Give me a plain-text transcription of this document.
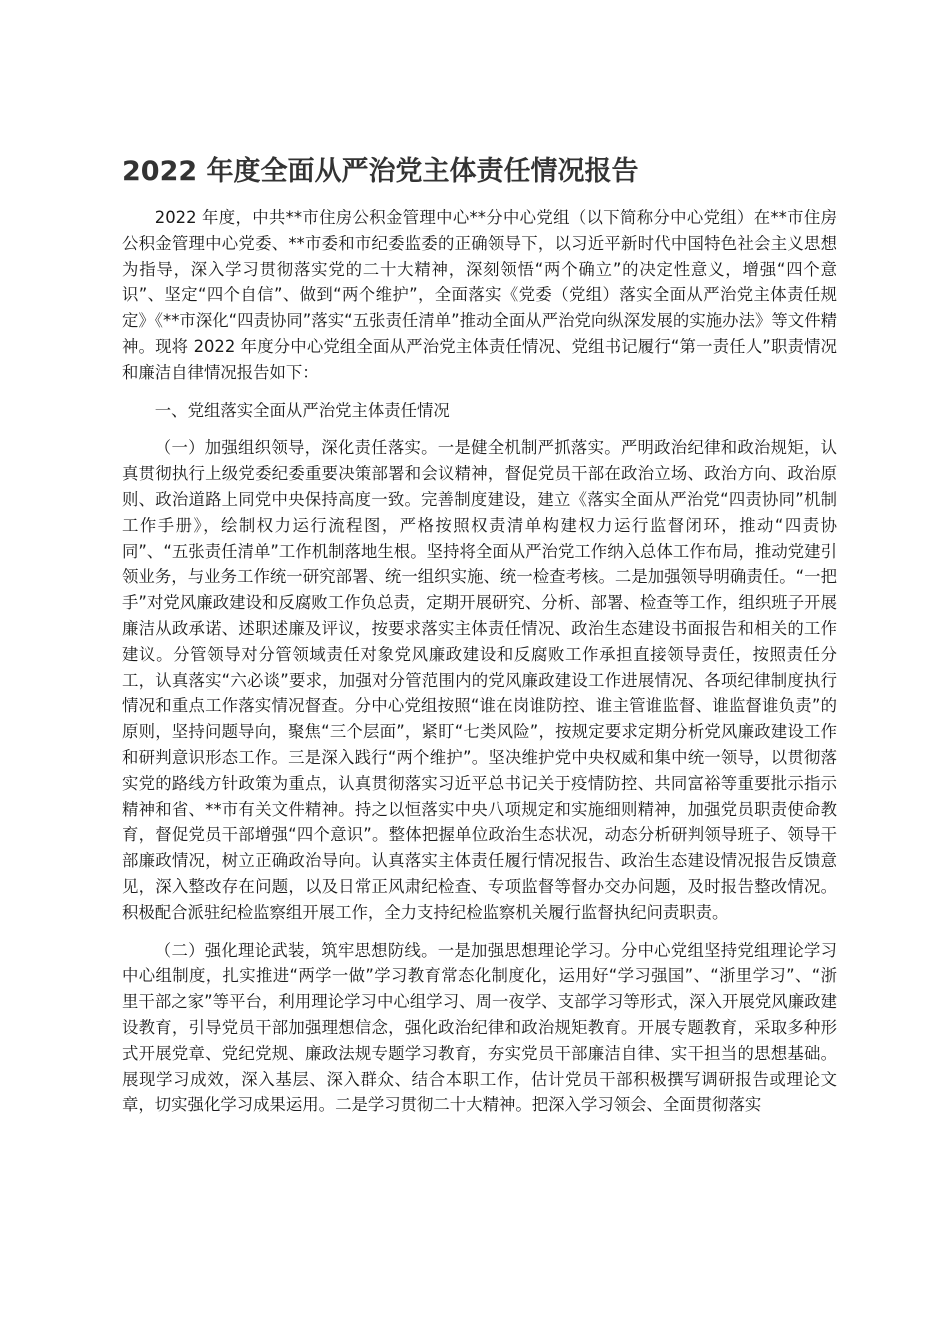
2022 年度全面从严治党主体责任情况报告

2022 年度，中共**市住房公积金管理中心**分中心党组（以下简称分中心党组）在**市住房公积金管理中心党委、**市委和市纪委监委的正确领导下，以习近平新时代中国特色社会主义思想为指导，深入学习贯彻落实党的二十大精神，深刻领悟“两个确立”的决定性意义，增强“四个意识”、坚定“四个自信”、做到“两个维护”，全面落实《党委（党组）落实全面从严治党主体责任规定》《**市深化“四责协同”落实“五张责任清单”推动全面从严治党向纵深发展的实施办法》等文件精神。现将 2022 年度分中心党组全面从严治党主体责任情况、党组书记履行“第一责任人”职责情况和廉洁自律情况报告如下：

一、党组落实全面从严治党主体责任情况

（一）加强组织领导，深化责任落实。一是健全机制严抓落实。严明政治纪律和政治规矩，认真贯彻执行上级党委纪委重要决策部署和会议精神，督促党员干部在政治立场、政治方向、政治原则、政治道路上同党中央保持高度一致。完善制度建设，建立《落实全面从严治党“四责协同”机制工作手册》，绘制权力运行流程图，严格按照权责清单构建权力运行监督闭环，推动“四责协同”、“五张责任清单”工作机制落地生根。坚持将全面从严治党工作纳入总体工作布局，推动党建引领业务，与业务工作统一研究部署、统一组织实施、统一检查考核。二是加强领导明确责任。“一把手”对党风廉政建设和反腐败工作负总责，定期开展研究、分析、部署、检查等工作，组织班子开展廉洁从政承诺、述职述廉及评议，按要求落实主体责任情况、政治生态建设书面报告和相关的工作建议。分管领导对分管领域责任对象党风廉政建设和反腐败工作承担直接领导责任，按照责任分工，认真落实“六必谈”要求，加强对分管范围内的党风廉政建设工作进展情况、各项纪律制度执行情况和重点工作落实情况督查。分中心党组按照“谁在岗谁防控、谁主管谁监督、谁监督谁负责”的原则，坚持问题导向，聚焦“三个层面”，紧盯“七类风险”，按规定要求定期分析党风廉政建设工作和研判意识形态工作。三是深入践行“两个维护”。坚决维护党中央权威和集中统一领导，以贯彻落实党的路线方针政策为重点，认真贯彻落实习近平总书记关于疫情防控、共同富裕等重要批示指示精神和省、**市有关文件精神。持之以恒落实中央八项规定和实施细则精神，加强党员职责使命教育，督促党员干部增强“四个意识”。整体把握单位政治生态状况，动态分析研判领导班子、领导干部廉政情况，树立正确政治导向。认真落实主体责任履行情况报告、政治生态建设情况报告反馈意见，深入整改存在问题，以及日常正风肃纪检查、专项监督等督办交办问题，及时报告整改情况。积极配合派驻纪检监察组开展工作，全力支持纪检监察机关履行监督执纪问责职责。

（二）强化理论武装，筑牢思想防线。一是加强思想理论学习。分中心党组坚持党组理论学习中心组制度，扎实推进“两学一做”学习教育常态化制度化，运用好“学习强国”、“浙里学习”、“浙里干部之家”等平台，利用理论学习中心组学习、周一夜学、支部学习等形式，深入开展党风廉政建设教育，引导党员干部加强理想信念，强化政治纪律和政治规矩教育。开展专题教育，采取多种形式开展党章、党纪党规、廉政法规专题学习教育，夯实党员干部廉洁自律、实干担当的思想基础。展现学习成效，深入基层、深入群众、结合本职工作，估计党员干部积极撰写调研报告或理论文章，切实强化学习成果运用。二是学习贯彻二十大精神。把深入学习领会、全面贯彻落实
